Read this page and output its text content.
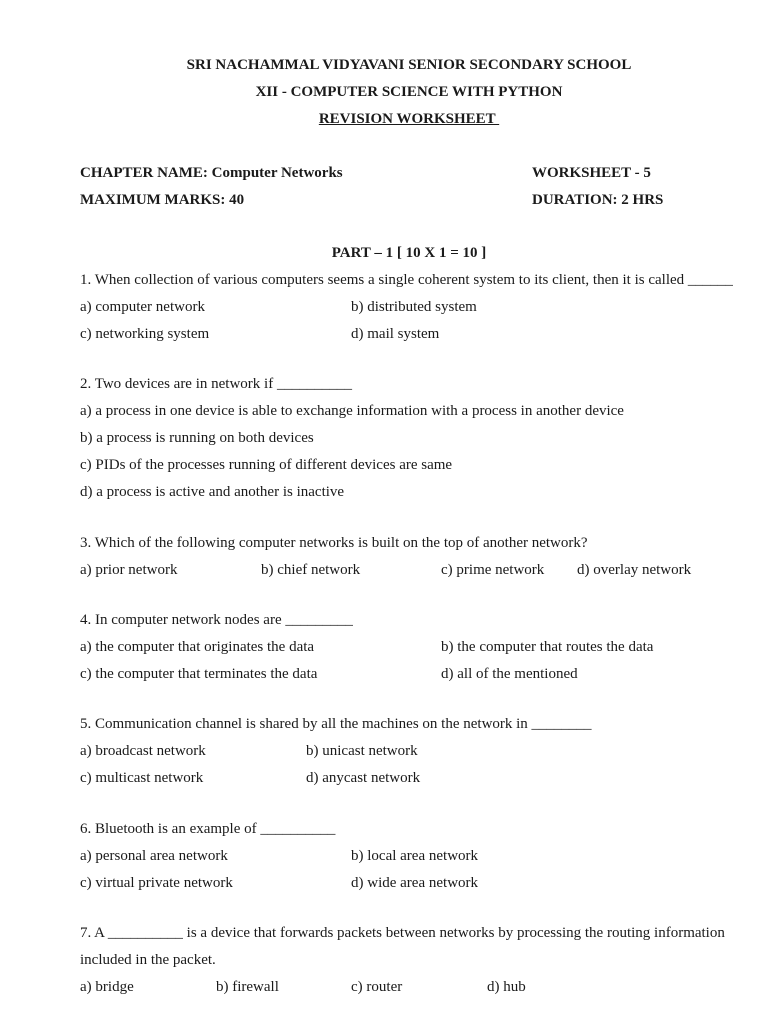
SRI NACHAMMAL VIDYAVANI SENIOR SECONDARY SCHOOL
XII - COMPUTER SCIENCE WITH PYTHON
REVISION WORKSHEET
CHAPTER NAME: Computer Networks	WORKSHEET - 5
MAXIMUM MARKS: 40	DURATION: 2 HRS
PART – 1 [ 10 X 1 = 10 ]
1. When collection of various computers seems a single coherent system to its client, then it is called ______
a) computer network	b) distributed system
c) networking system	d) mail system
2. Two devices are in network if __________
a) a process in one device is able to exchange information with a process in another device
b) a process is running on both devices
c) PIDs of the processes running of different devices are same
d) a process is active and another is inactive
3. Which of the following computer networks is built on the top of another network?
a) prior network	b) chief network	c) prime network d) overlay network
4. In computer network nodes are _________
a) the computer that originates the data	b) the computer that routes the data
c) the computer that terminates the data	d) all of the mentioned
5. Communication channel is shared by all the machines on the network in ________
a) broadcast network	b) unicast network
c) multicast network	d) anycast network
6. Bluetooth is an example of __________
a) personal area network	b) local area network
c) virtual private network	d) wide area network
7. A __________ is a device that forwards packets between networks by processing the routing information
included in the packet.
a) bridge	b) firewall	c) router	d) hub
